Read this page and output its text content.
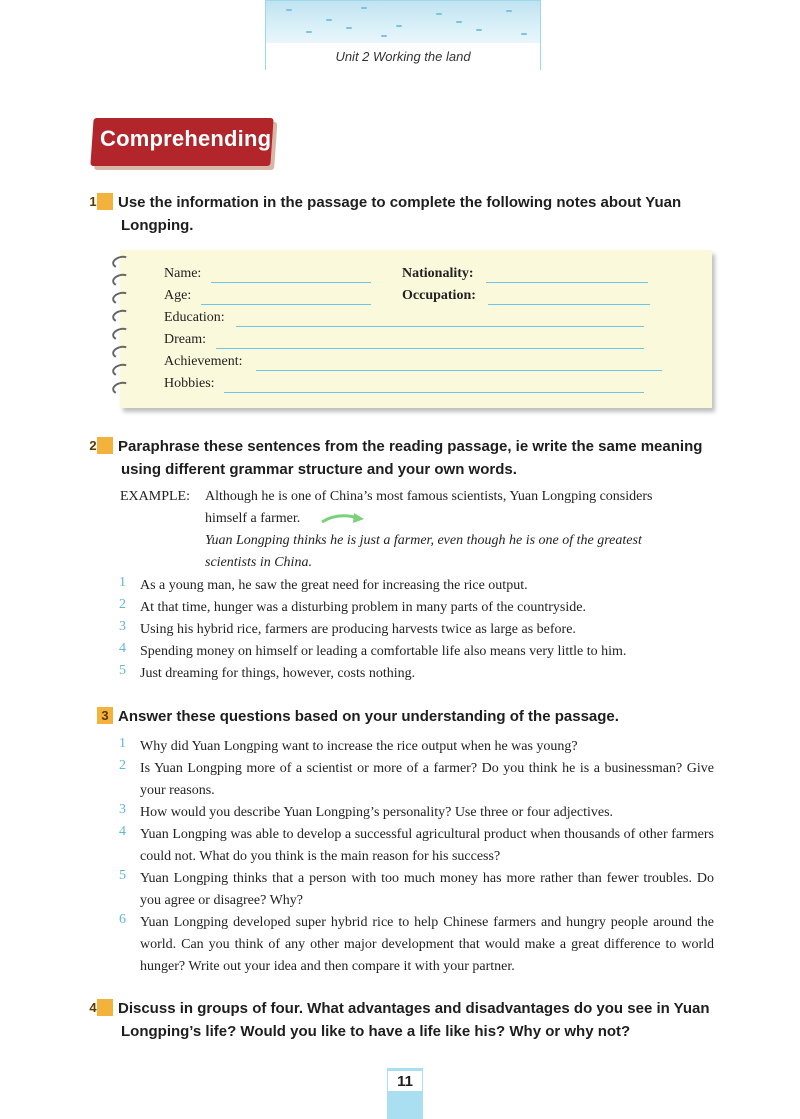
Unit 2 Working the land
Comprehending
1 Use the information in the passage to complete the following notes about Yuan Longping.
Name:	Nationality:
Age:	Occupation:
Education:
Dream:
Achievement:
Hobbies:
2 Paraphrase these sentences from the reading passage, ie write the same meaning using different grammar structure and your own words.
EXAMPLE: Although he is one of China’s most famous scientists, Yuan Longping considers
himself a farmer.
Yuan Longping thinks he is just a farmer, even though he is one of the greatest
scientists in China.
1 As a young man, he saw the great need for increasing the rice output.
2 At that time, hunger was a disturbing problem in many parts of the countryside.
3 Using his hybrid rice, farmers are producing harvests twice as large as before.
4 Spending money on himself or leading a comfortable life also means very little to him.
5 Just dreaming for things, however, costs nothing.
3 Answer these questions based on your understanding of the passage.
1 Why did Yuan Longping want to increase the rice output when he was young?
2 Is Yuan Longping more of a scientist or more of a farmer? Do you think he is a businessman? Give your reasons.
3 How would you describe Yuan Longping’s personality? Use three or four adjectives.
4 Yuan Longping was able to develop a successful agricultural product when thousands of other farmers could not. What do you think is the main reason for his success?
5 Yuan Longping thinks that a person with too much money has more rather than fewer troubles. Do you agree or disagree? Why?
6 Yuan Longping developed super hybrid rice to help Chinese farmers and hungry people around the world. Can you think of any other major development that would make a great difference to world hunger? Write out your idea and then compare it with your partner.
4 Discuss in groups of four. What advantages and disadvantages do you see in Yuan Longping’s life? Would you like to have a life like his? Why or why not?
11
